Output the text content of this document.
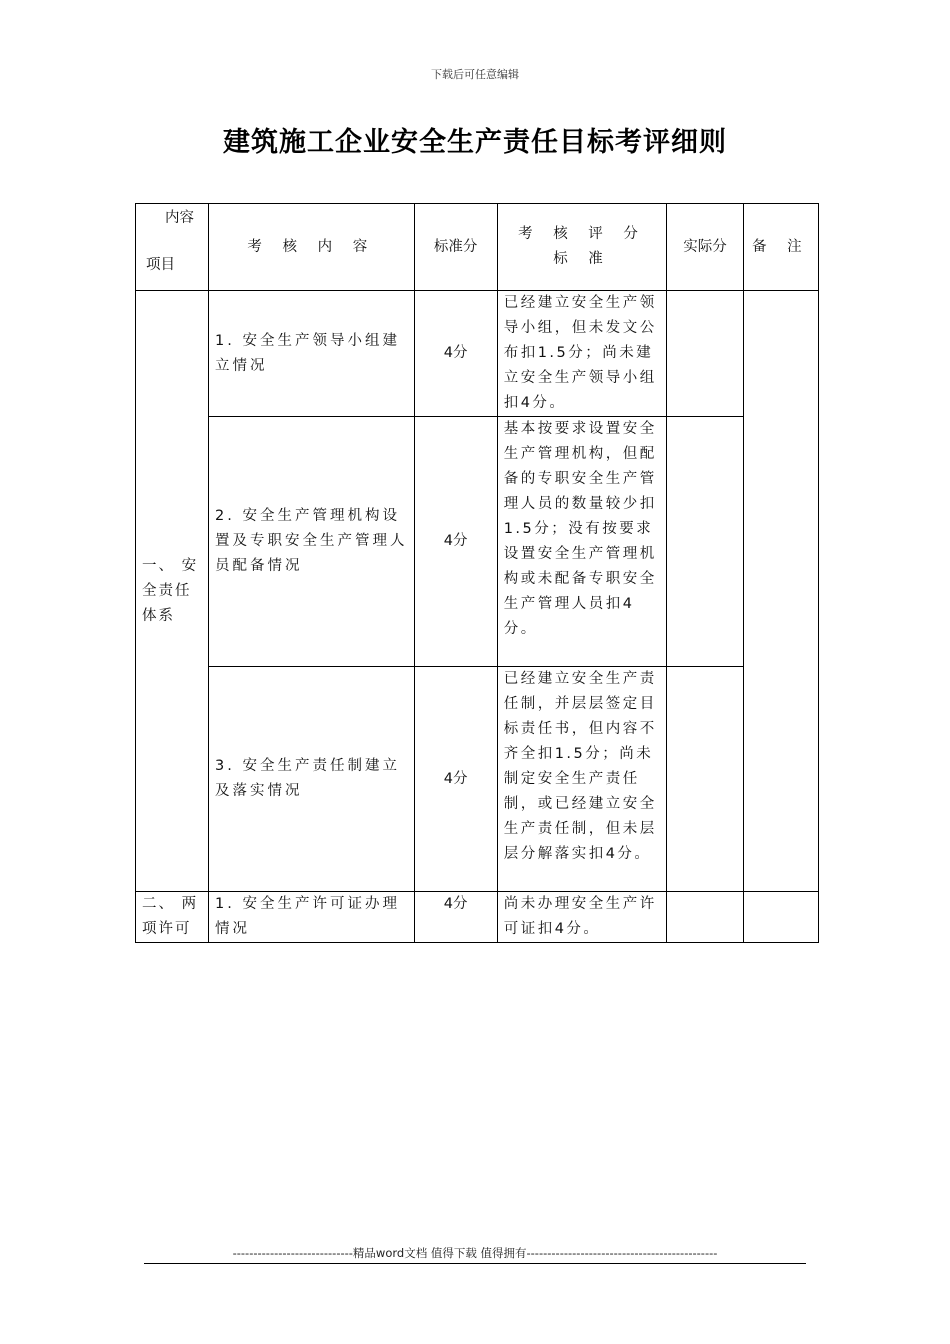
下载后可任意编辑
建筑施工企业安全生产责任目标考评细则
内容
项目	考 核 内 容	标准分	考 核 评 分 标 准	实际分	备 注
一、 安全责任体系	1. 安全生产领导小组建立情况	4分	已经建立安全生产领导小组，但未发文公布扣1.5分；尚未建立安全生产领导小组扣4分。		
	2. 安全生产管理机构设置及专职安全生产管理人员配备情况	4分	基本按要求设置安全生产管理机构，但配备的专职安全生产管理人员的数量较少扣1.5分；没有按要求设置安全生产管理机构或未配备专职安全生产管理人员扣4分。		
	3. 安全生产责任制建立及落实情况	4分	已经建立安全生产责任制，并层层签定目标责任书，但内容不齐全扣1.5分；尚未制定安全生产责任制，或已经建立安全生产责任制，但未层层分解落实扣4分。		
二、 两项许可	1. 安全生产许可证办理情况	4分	尚未办理安全生产许可证扣4分。		
-----------------------------精品word文档 值得下载 值得拥有----------------------------------------------
